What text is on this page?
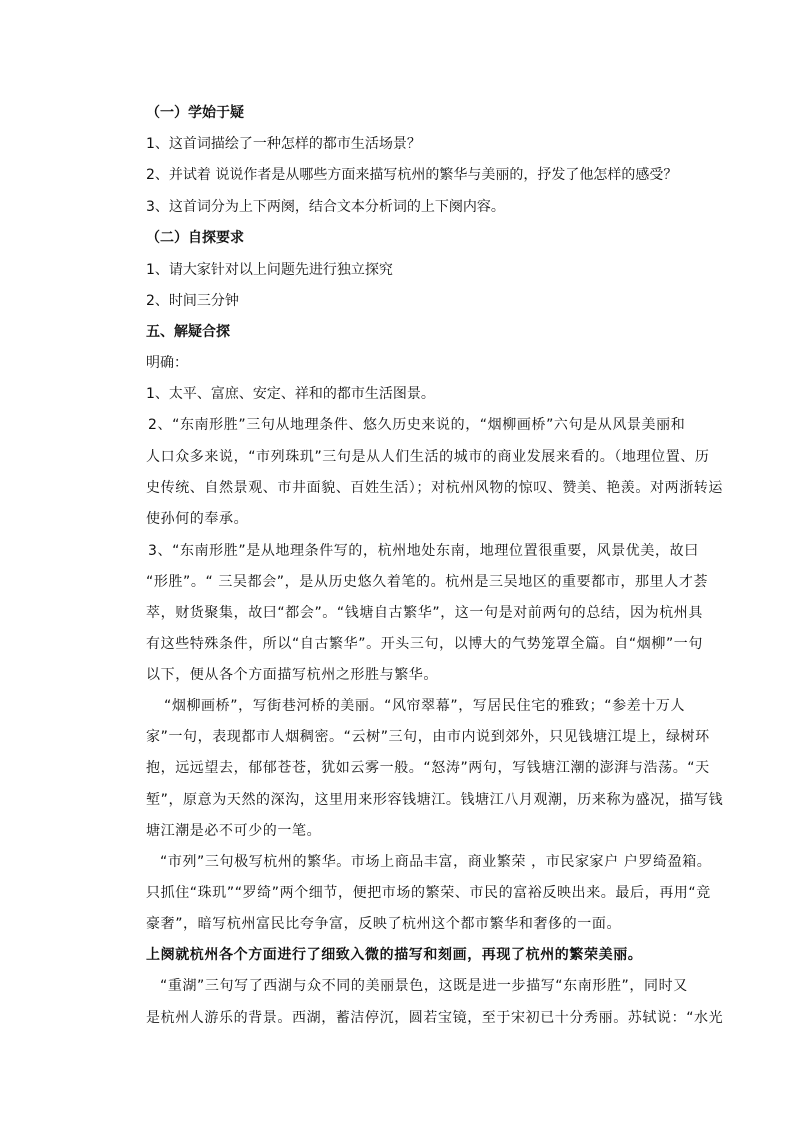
（一）学始于疑
1、这首词描绘了一种怎样的都市生活场景？
2、并试着 说说作者是从哪些方面来描写杭州的繁华与美丽的，抒发了他怎样的感受？
3、这首词分为上下两阕，结合文本分析词的上下阕内容。
（二）自探要求
1、请大家针对以上问题先进行独立探究
2、时间三分钟
五、解疑合探
明确：
1、太平、富庶、安定、祥和的都市生活图景。
2、“东南形胜”三句从地理条件、悠久历史来说的，“烟柳画桥”六句是从风景美丽和
人口众多来说，“市列珠玑”三句是从人们生活的城市的商业发展来看的。（地理位置、历
史传统、自然景观、市井面貌、百姓生活）；对杭州风物的惊叹、赞美、艳羡。对两浙转运
使孙何的奉承。
3、“东南形胜”是从地理条件写的，杭州地处东南，地理位置很重要，风景优美，故曰
“形胜”。“ 三吴都会”，是从历史悠久着笔的。杭州是三吴地区的重要都市，那里人才荟
萃，财货聚集，故曰“都会”。“钱塘自古繁华”，这一句是对前两句的总结，因为杭州具
有这些特殊条件，所以“自古繁华”。开头三句，以博大的气势笼罩全篇。自“烟柳”一句
以下，便从各个方面描写杭州之形胜与繁华。
“烟柳画桥”，写街巷河桥的美丽。“风帘翠幕”，写居民住宅的雅致；“参差十万人
家”一句，表现都市人烟稠密。“云树”三句，由市内说到郊外，只见钱塘江堤上，绿树环
抱，远远望去，郁郁苍苍，犹如云雾一般。“怒涛”两句，写钱塘江潮的澎湃与浩荡。“天
堑”，原意为天然的深沟，这里用来形容钱塘江。钱塘江八月观潮，历来称为盛况，描写钱
塘江潮是必不可少的一笔。
“市列”三句极写杭州的繁华。市场上商品丰富，商业繁荣 ，市民家家户 户罗绮盈箱。
只抓住“珠玑”“罗绮”两个细节，便把市场的繁荣、市民的富裕反映出来。最后，再用“竞
豪奢”，暗写杭州富民比夸争富，反映了杭州这个都市繁华和奢侈的一面。
上阕就杭州各个方面进行了细致入微的描写和刻画，再现了杭州的繁荣美丽。
“重湖”三句写了西湖与众不同的美丽景色，这既是进一步描写“东南形胜”，同时又
是杭州人游乐的背景。西湖，蓄洁停沉，圆若宝镜，至于宋初已十分秀丽。苏轼说：“水光
